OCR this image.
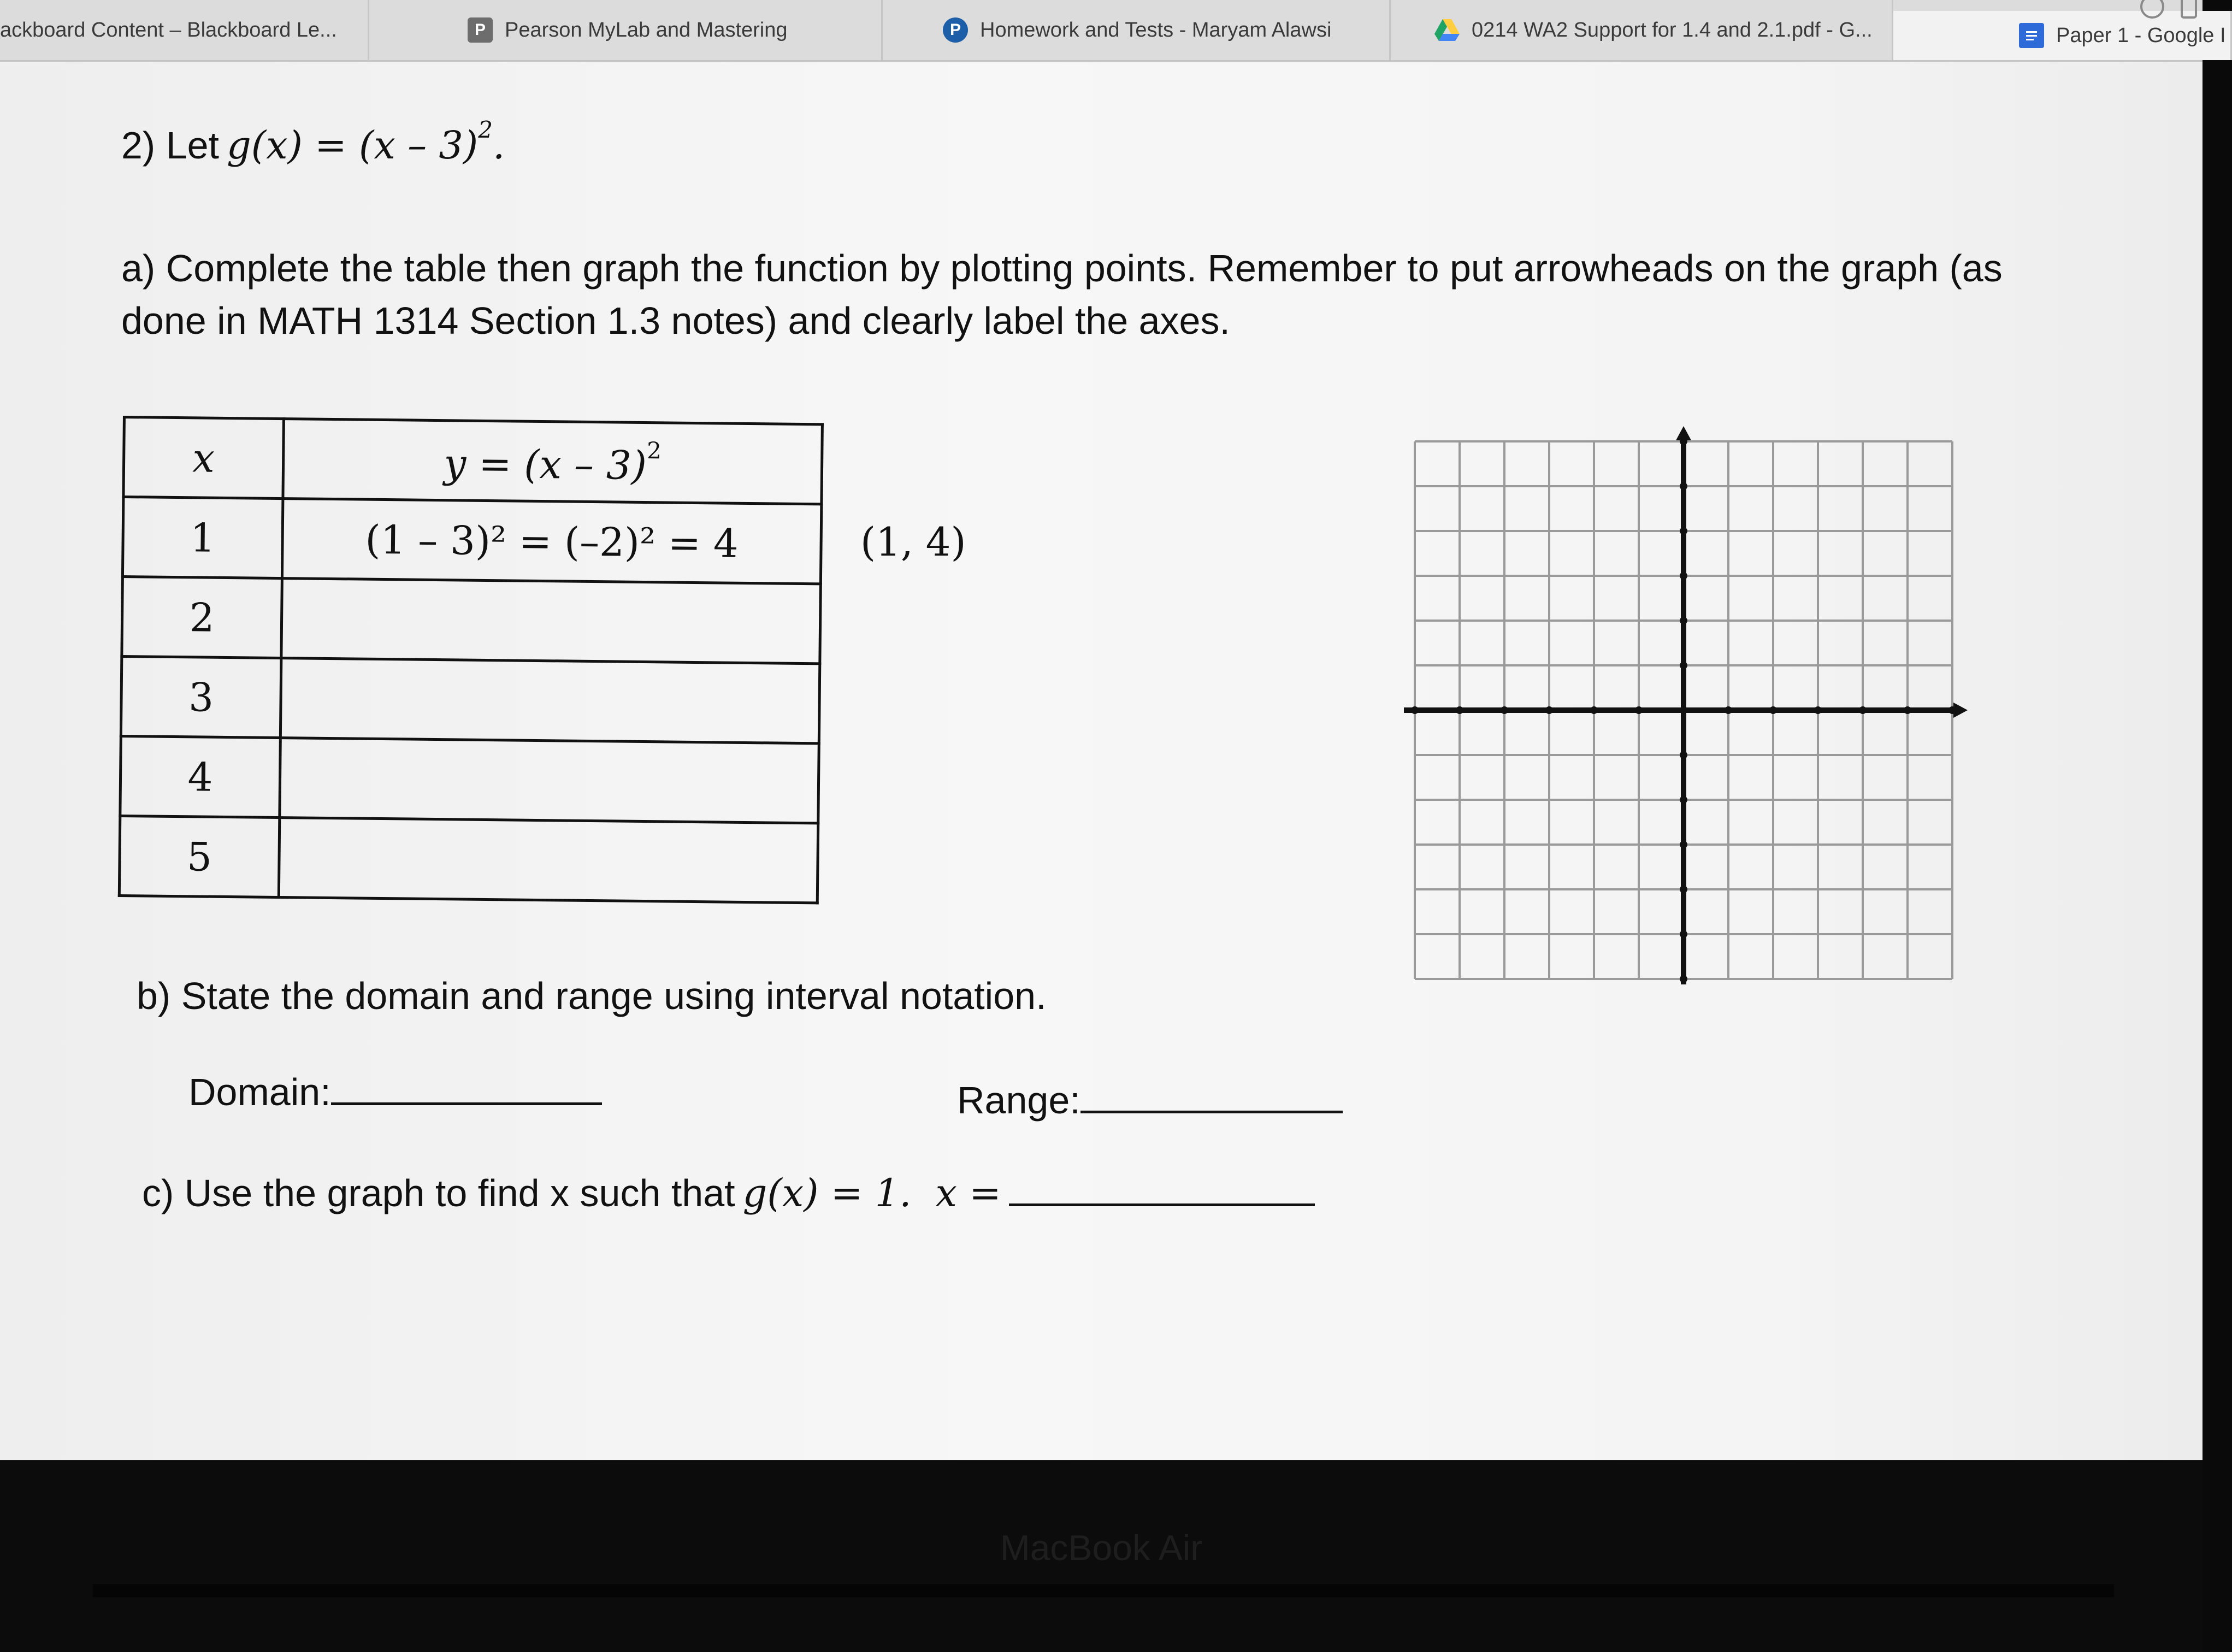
ackboard Content – Blackboard Le...	P Pearson MyLab and Mastering	P Homework and Tests - Maryam Alawsi	0214 WA2 Support for 1.4 and 2.1.pdf - G...	Paper 1 - Google I
2) Let g(x) = (x – 3)$^2$.
a) Complete the table then graph the function by plotting points. Remember to put arrowheads on the graph (as done in MATH 1314 Section 1.3 notes) and clearly label the axes.
x	y = (x – 3)$^2$
1	(1 – 3)² = (–2)² = 4
2	
3	
4	
5	
(1, 4)
b) State the domain and range using interval notation.
Domain:	Range:
c) Use the graph to find x such that g(x) = 1. x =
MacBook Air
